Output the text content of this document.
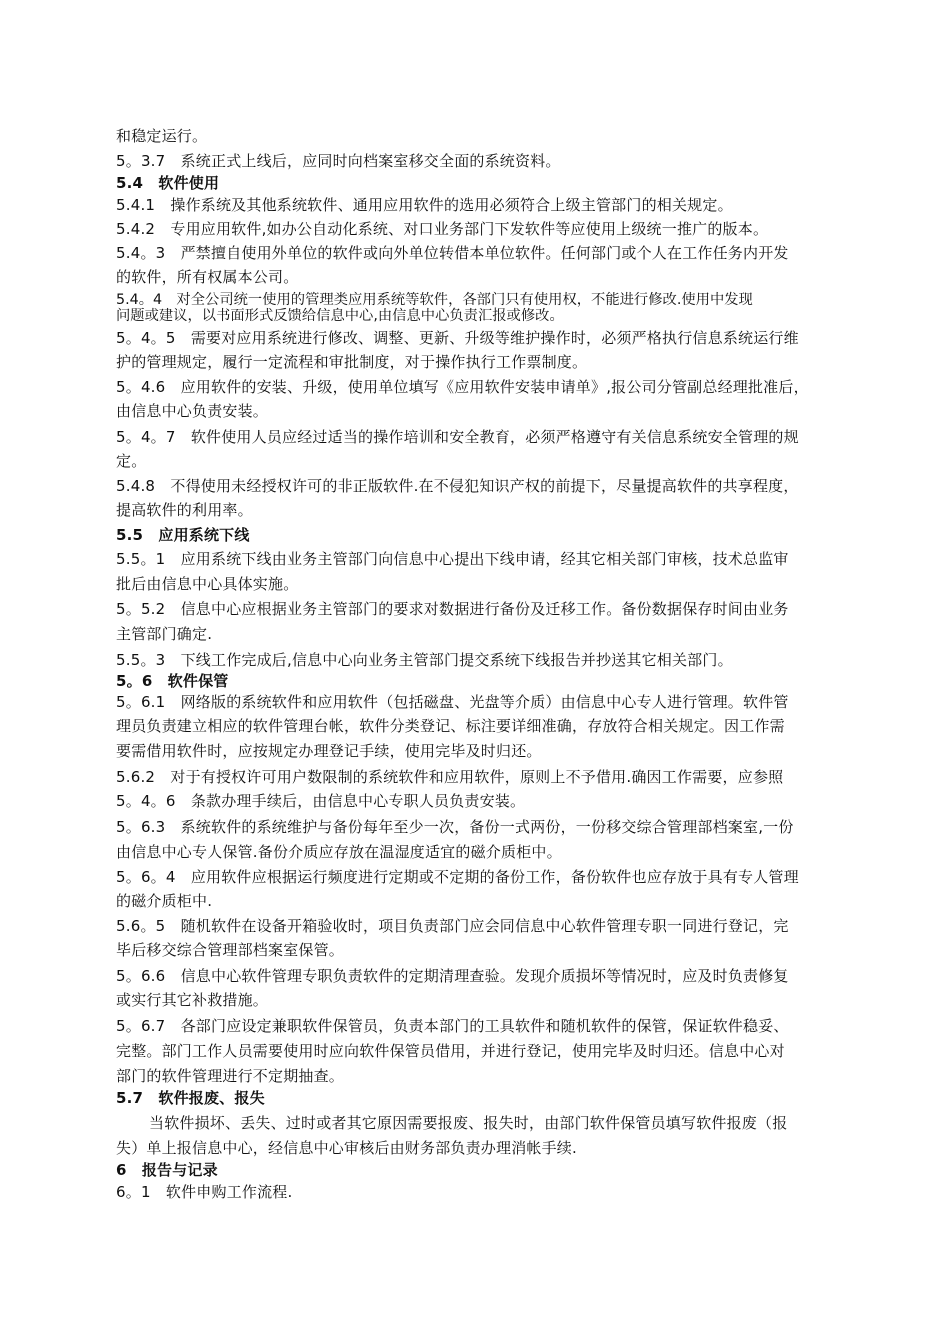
和稳定运行。
5。3.7　系统正式上线后，应同时向档案室移交全面的系统资料。
5.4　软件使用
5.4.1　操作系统及其他系统软件、通用应用软件的选用必须符合上级主管部门的相关规定。
5.4.2　专用应用软件,如办公自动化系统、对口业务部门下发软件等应使用上级统一推广的版本。
5.4。3　严禁擅自使用外单位的软件或向外单位转借本单位软件。任何部门或个人在工作任务内开发
的软件，所有权属本公司。
5.4。4　对全公司统一使用的管理类应用系统等软件，各部门只有使用权，不能进行修改.使用中发现
问题或建议，以书面形式反馈给信息中心,由信息中心负责汇报或修改。
5。4。5　需要对应用系统进行修改、调整、更新、升级等维护操作时，必须严格执行信息系统运行维
护的管理规定，履行一定流程和审批制度，对于操作执行工作票制度。
5。4.6　应用软件的安装、升级，使用单位填写《应用软件安装申请单》,报公司分管副总经理批准后，
由信息中心负责安装。
5。4。7　软件使用人员应经过适当的操作培训和安全教育，必须严格遵守有关信息系统安全管理的规
定。
5.4.8　不得使用未经授权许可的非正版软件.在不侵犯知识产权的前提下，尽量提高软件的共享程度，
提高软件的利用率。
5.5　应用系统下线
5.5。1　应用系统下线由业务主管部门向信息中心提出下线申请，经其它相关部门审核，技术总监审
批后由信息中心具体实施。
5。5.2　信息中心应根据业务主管部门的要求对数据进行备份及迁移工作。备份数据保存时间由业务
主管部门确定.
5.5。3　下线工作完成后,信息中心向业务主管部门提交系统下线报告并抄送其它相关部门。
5。6　软件保管
5。6.1　网络版的系统软件和应用软件（包括磁盘、光盘等介质）由信息中心专人进行管理。软件管
理员负责建立相应的软件管理台帐，软件分类登记、标注要详细准确，存放符合相关规定。因工作需
要需借用软件时，应按规定办理登记手续，使用完毕及时归还。
5.6.2　对于有授权许可用户数限制的系统软件和应用软件，原则上不予借用.确因工作需要，应参照
5。4。6　条款办理手续后，由信息中心专职人员负责安装。
5。6.3　系统软件的系统维护与备份每年至少一次，备份一式两份，一份移交综合管理部档案室,一份
由信息中心专人保管.备份介质应存放在温湿度适宜的磁介质柜中。
5。6。4　应用软件应根据运行频度进行定期或不定期的备份工作，备份软件也应存放于具有专人管理
的磁介质柜中.
5.6。5　随机软件在设备开箱验收时，项目负责部门应会同信息中心软件管理专职一同进行登记，完
毕后移交综合管理部档案室保管。
5。6.6　信息中心软件管理专职负责软件的定期清理查验。发现介质损坏等情况时，应及时负责修复
或实行其它补救措施。
5。6.7　各部门应设定兼职软件保管员，负责本部门的工具软件和随机软件的保管，保证软件稳妥、
完整。部门工作人员需要使用时应向软件保管员借用，并进行登记，使用完毕及时归还。信息中心对
部门的软件管理进行不定期抽查。
5.7　软件报废、报失
当软件损坏、丢失、过时或者其它原因需要报废、报失时，由部门软件保管员填写软件报废（报
失）单上报信息中心，经信息中心审核后由财务部负责办理消帐手续.
6　报告与记录
6。1　软件申购工作流程.
